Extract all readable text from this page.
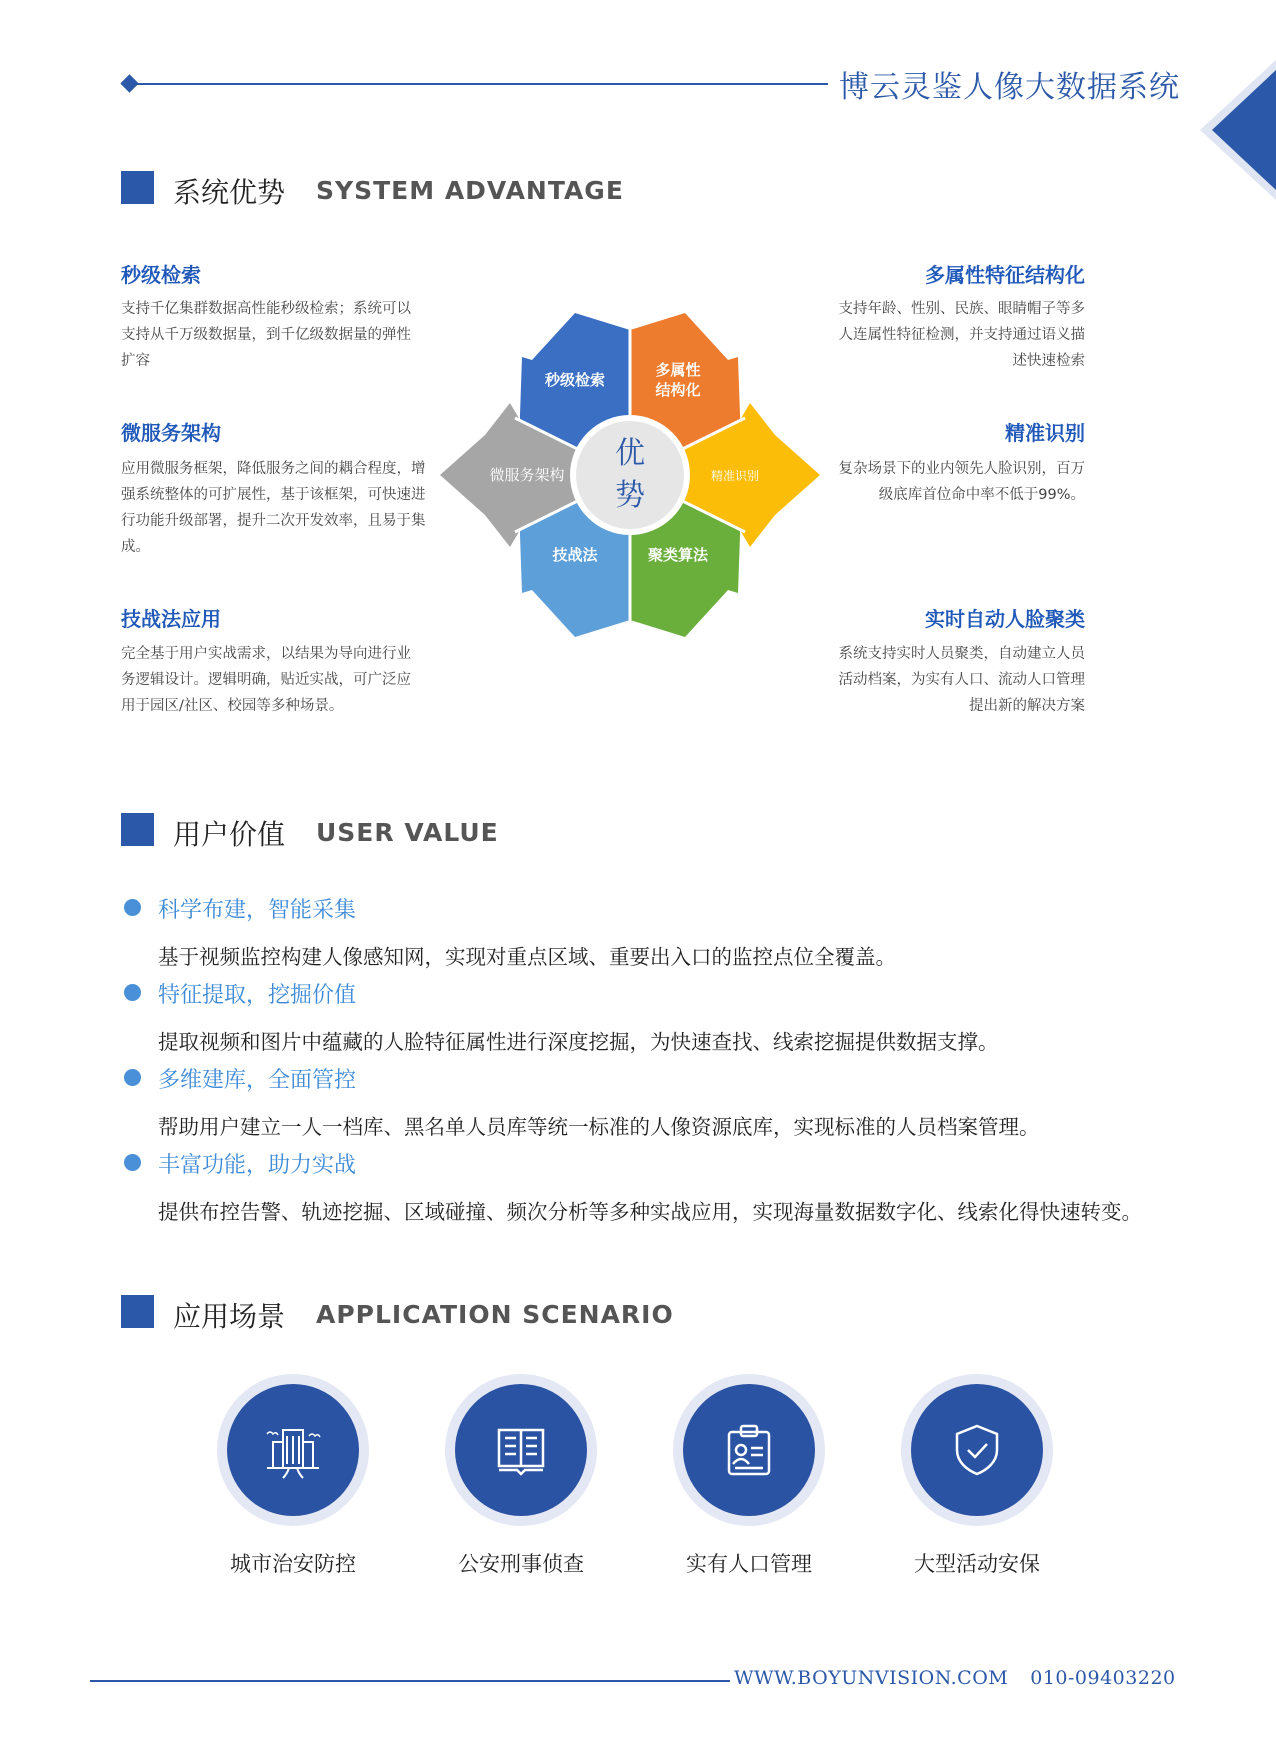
博云灵鉴人像大数据系统
系统优势 SYSTEM ADVANTAGE
秒级检索
支持千亿集群数据高性能秒级检索；系统可以支持从千万级数据量，到千亿级数据量的弹性扩容
微服务架构
应用微服务框架，降低服务之间的耦合程度，增强系统整体的可扩展性，基于该框架，可快速进行功能升级部署，提升二次开发效率，且易于集成。
技战法应用
完全基于用户实战需求，以结果为导向进行业务逻辑设计。逻辑明确，贴近实战，可广泛应用于园区/社区、校园等多种场景。
多属性特征结构化
支持年龄、性别、民族、眼睛帽子等多人连属性特征检测，并支持通过语义描述快速检索
精准识别
复杂场景下的业内领先人脸识别，百万级底库首位命中率不低于99%。
实时自动人脸聚类
系统支持实时人员聚类，自动建立人员活动档案，为实有人口、流动人口管理提出新的解决方案
优
势
秒级检索
多属性
结构化
精准识别
聚类算法
技战法
微服务架构
用户价值 USER VALUE
科学布建，智能采集
基于视频监控构建人像感知网，实现对重点区域、重要出入口的监控点位全覆盖。
特征提取，挖掘价值
提取视频和图片中蕴藏的人脸特征属性进行深度挖掘，为快速查找、线索挖掘提供数据支撑。
多维建库，全面管控
帮助用户建立一人一档库、黑名单人员库等统一标准的人像资源底库，实现标准的人员档案管理。
丰富功能，助力实战
提供布控告警、轨迹挖掘、区域碰撞、频次分析等多种实战应用，实现海量数据数字化、线索化得快速转变。
应用场景 APPLICATION SCENARIO
城市治安防控	公安刑事侦查	实有人口管理	大型活动安保
WWW.BOYUNVISION.COM 010-09403220
